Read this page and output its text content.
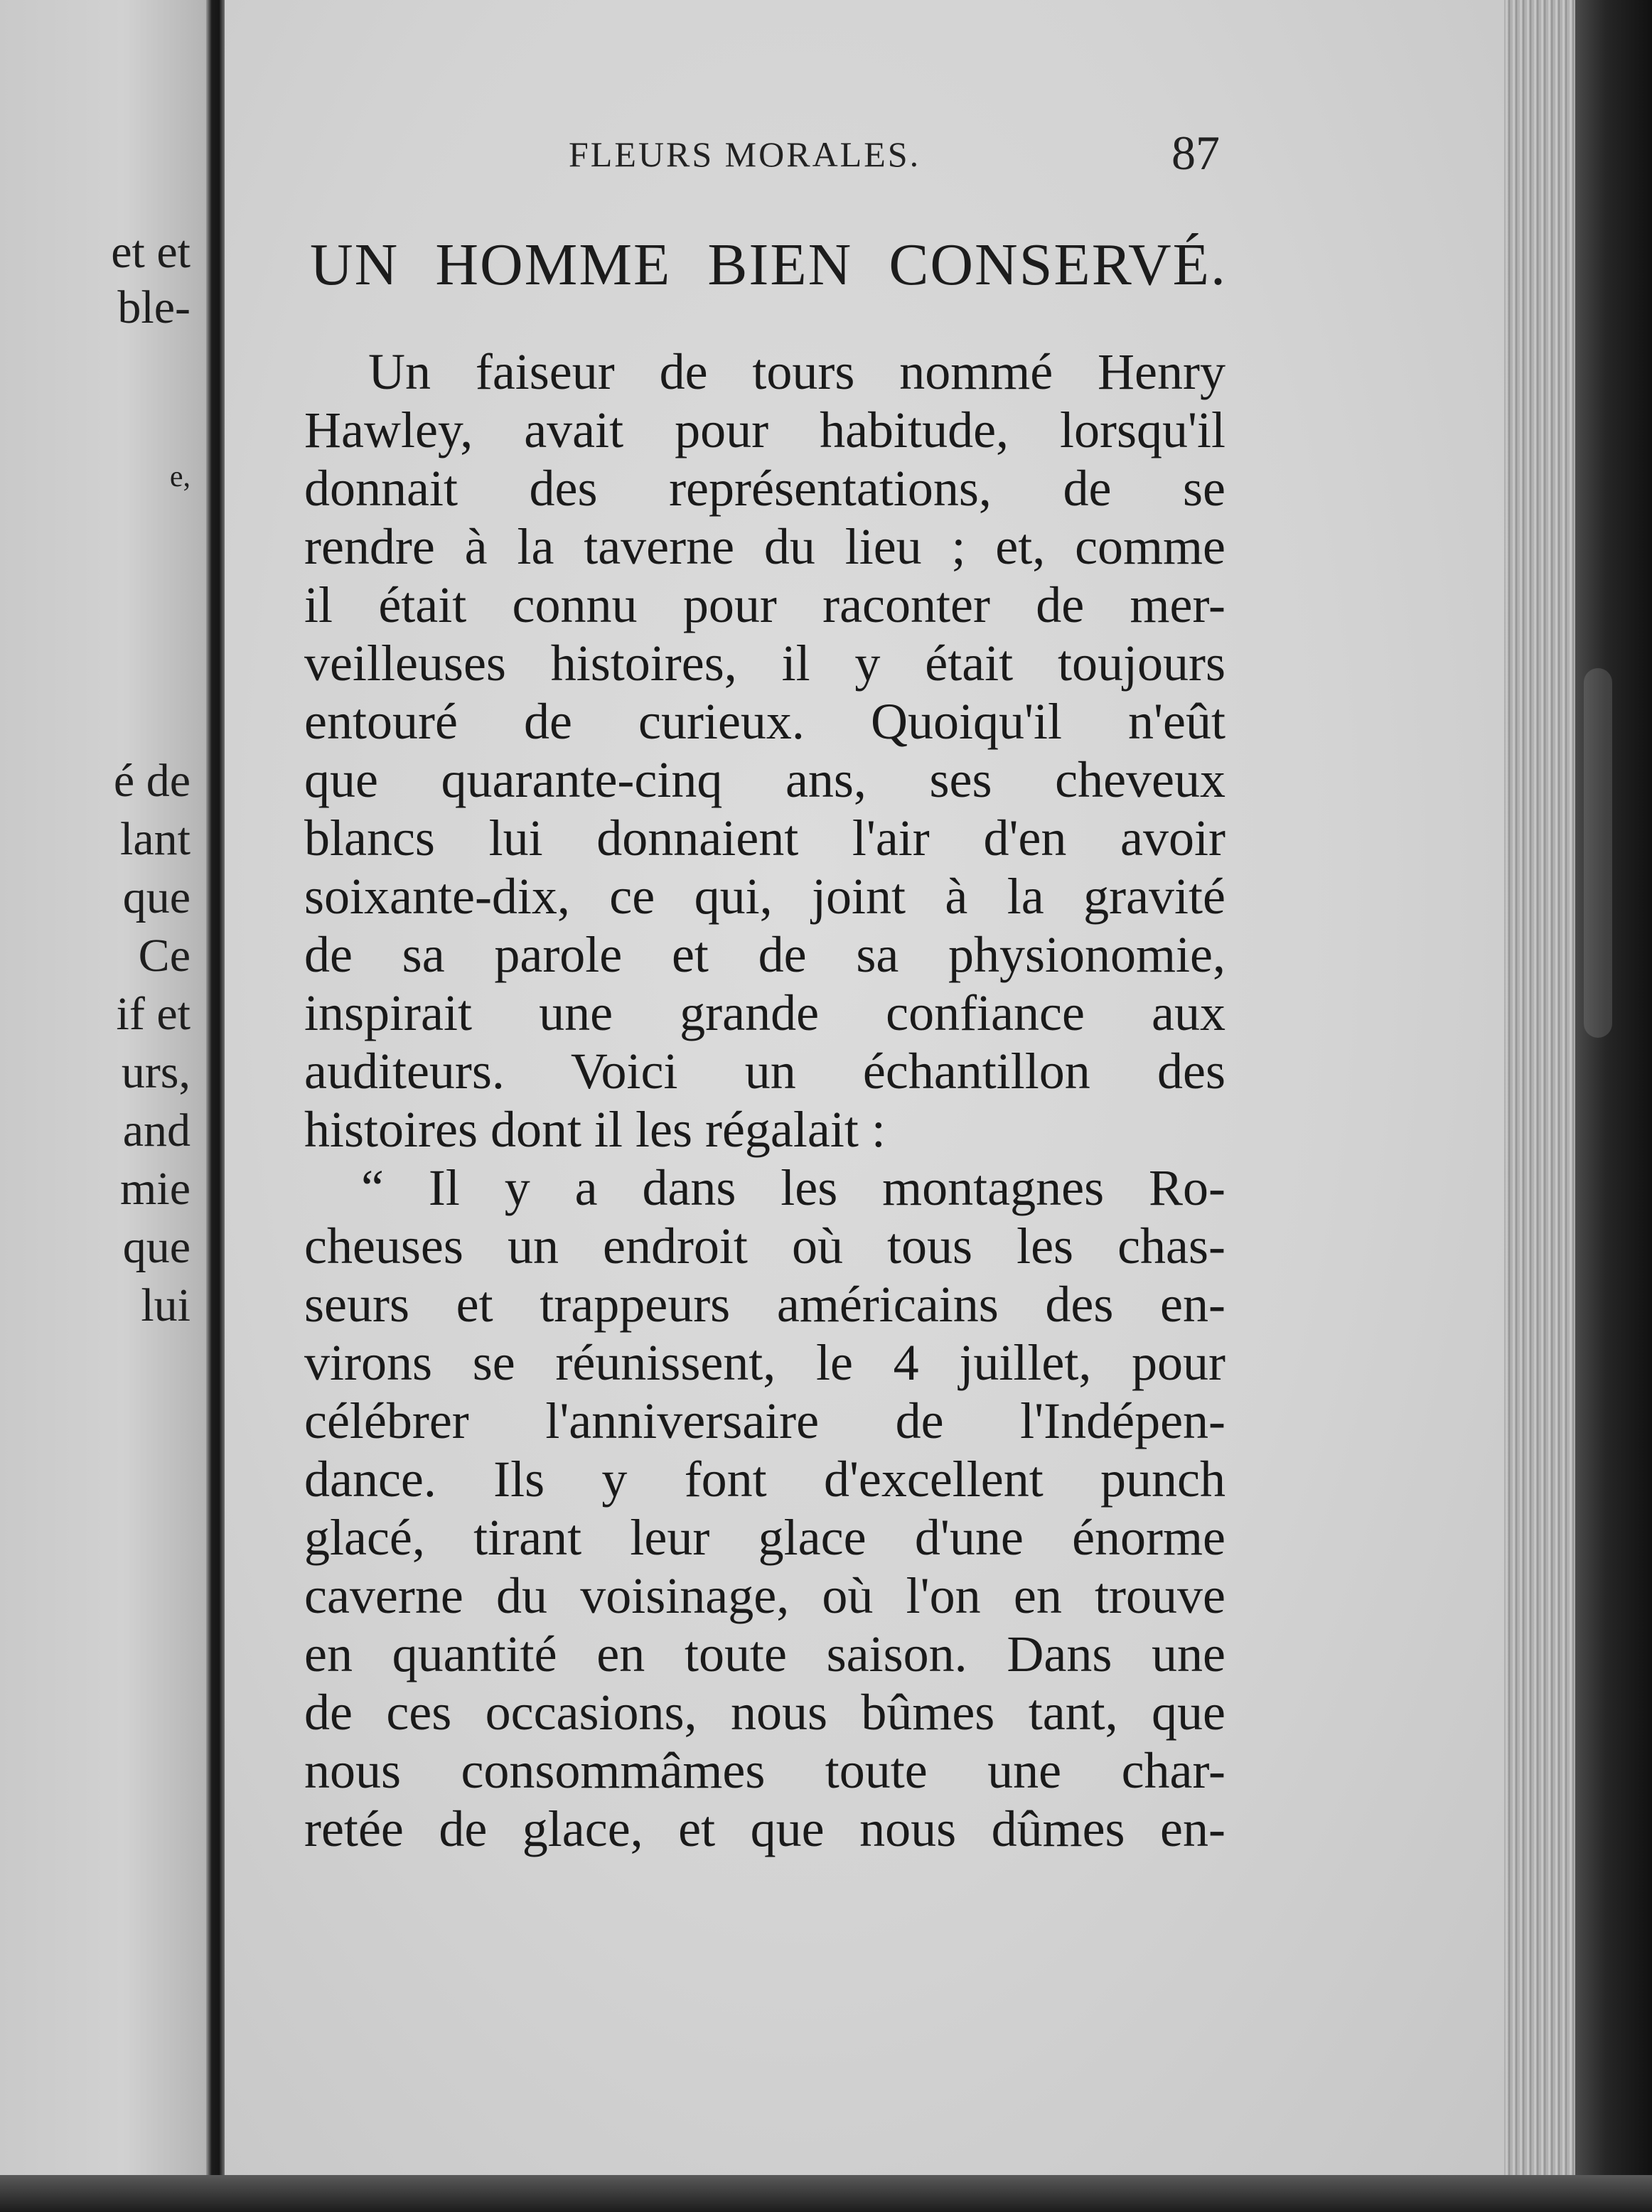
et et
ble-
e,
é de
lant
que
Ce
if et
urs,
and
mie
que
lui
FLEURS MORALES.	87
UN HOMME BIEN CONSERVÉ.
Un faiseur de tours nommé Henry
Hawley, avait pour habitude, lorsqu'il
donnait des représentations, de se
rendre à la taverne du lieu ; et, comme
il était connu pour raconter de mer-
veilleuses histoires, il y était toujours
entouré de curieux. Quoiqu'il n'eût
que quarante-cinq ans, ses cheveux
blancs lui donnaient l'air d'en avoir
soixante-dix, ce qui, joint à la gravité
de sa parole et de sa physionomie,
inspirait une grande confiance aux
auditeurs. Voici un échantillon des
histoires dont il les régalait :
“ Il y a dans les montagnes Ro-
cheuses un endroit où tous les chas-
seurs et trappeurs américains des en-
virons se réunissent, le 4 juillet, pour
célébrer l'anniversaire de l'Indépen-
dance. Ils y font d'excellent punch
glacé, tirant leur glace d'une énorme
caverne du voisinage, où l'on en trouve
en quantité en toute saison. Dans une
de ces occasions, nous bûmes tant, que
nous consommâmes toute une char-
retée de glace, et que nous dûmes en-
